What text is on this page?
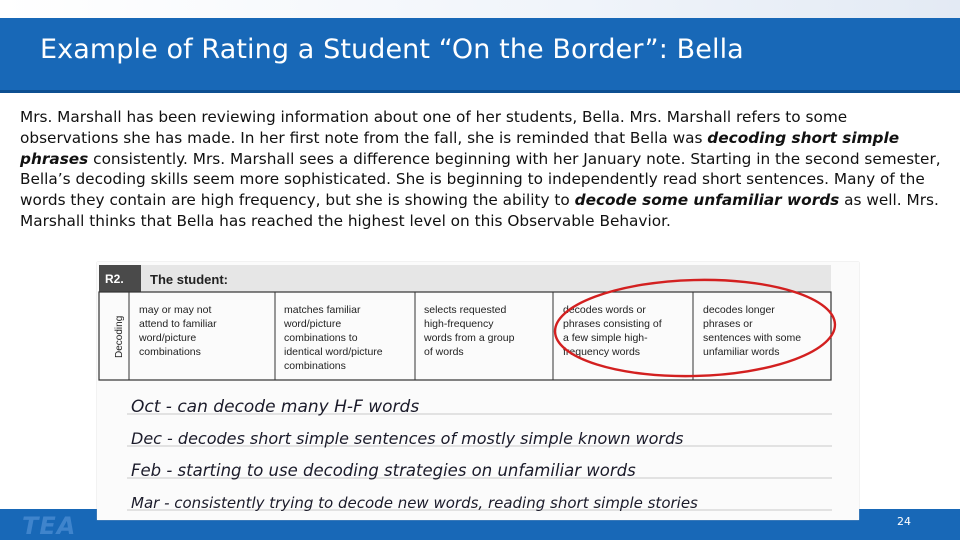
Example of Rating a Student “On the Border”: Bella
Mrs. Marshall has been reviewing information about one of her students, Bella. Mrs. Marshall refers to some observations she has made. In her first note from the fall, she is reminded that Bella was decoding short simple phrases consistently. Mrs. Marshall sees a difference beginning with her January note. Starting in the second semester, Bella’s decoding skills seem more sophisticated. She is beginning to independently read short sentences. Many of the words they contain are high frequency, but she is showing the ability to decode some unfamiliar words as well. Mrs. Marshall thinks that Bella has reached the highest level on this Observable Behavior.
TEA	24
R2. The student:
Decoding
may or may not attend to familiar word/picture combinations
matches familiar word/picture combinations to identical word/picture combinations
selects requested high-frequency words from a group of words
decodes words or phrases consisting of a few simple high- frequency words
decodes longer phrases or sentences with some unfamiliar words
Oct - can decode many H-F words
Dec - decodes short simple sentences of mostly simple known words
Feb - starting to use decoding strategies on unfamiliar words
Mar - consistently trying to decode new words, reading short simple stories
